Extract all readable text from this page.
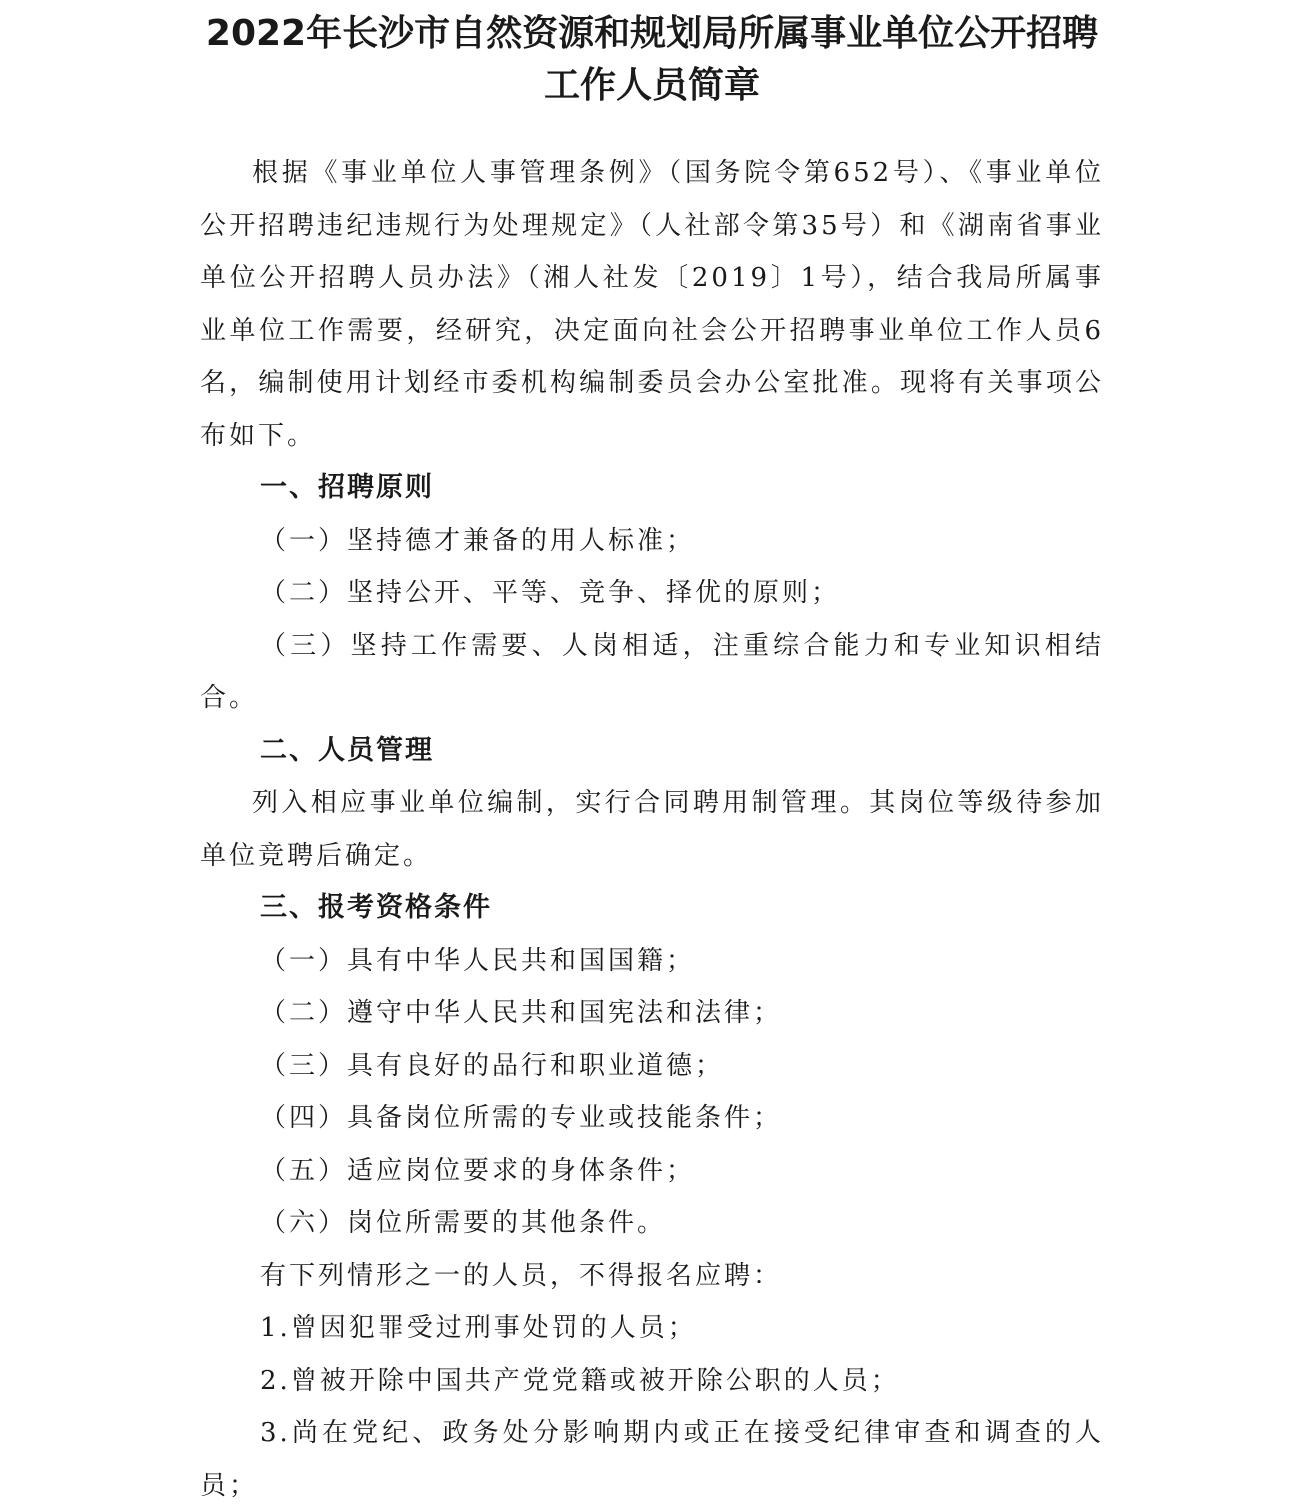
2022年长沙市自然资源和规划局所属事业单位公开招聘
工作人员简章

根据《事业单位人事管理条例》（国务院令第652号）、《事业单位公开招聘违纪违规行为处理规定》（人社部令第35号）和《湖南省事业单位公开招聘人员办法》（湘人社发〔2019〕1号），结合我局所属事业单位工作需要，经研究，决定面向社会公开招聘事业单位工作人员6名，编制使用计划经市委机构编制委员会办公室批准。现将有关事项公布如下。

一、招聘原则

（一）坚持德才兼备的用人标准；

（二）坚持公开、平等、竞争、择优的原则；

（三）坚持工作需要、人岗相适，注重综合能力和专业知识相结合。

二、人员管理

列入相应事业单位编制，实行合同聘用制管理。其岗位等级待参加单位竞聘后确定。

三、报考资格条件

（一）具有中华人民共和国国籍；

（二）遵守中华人民共和国宪法和法律；

（三）具有良好的品行和职业道德；

（四）具备岗位所需的专业或技能条件；

（五）适应岗位要求的身体条件；

（六）岗位所需要的其他条件。

有下列情形之一的人员，不得报名应聘：

1.曾因犯罪受过刑事处罚的人员；

2.曾被开除中国共产党党籍或被开除公职的人员；

3.尚在党纪、政务处分影响期内或正在接受纪律审查和调查的人员；
